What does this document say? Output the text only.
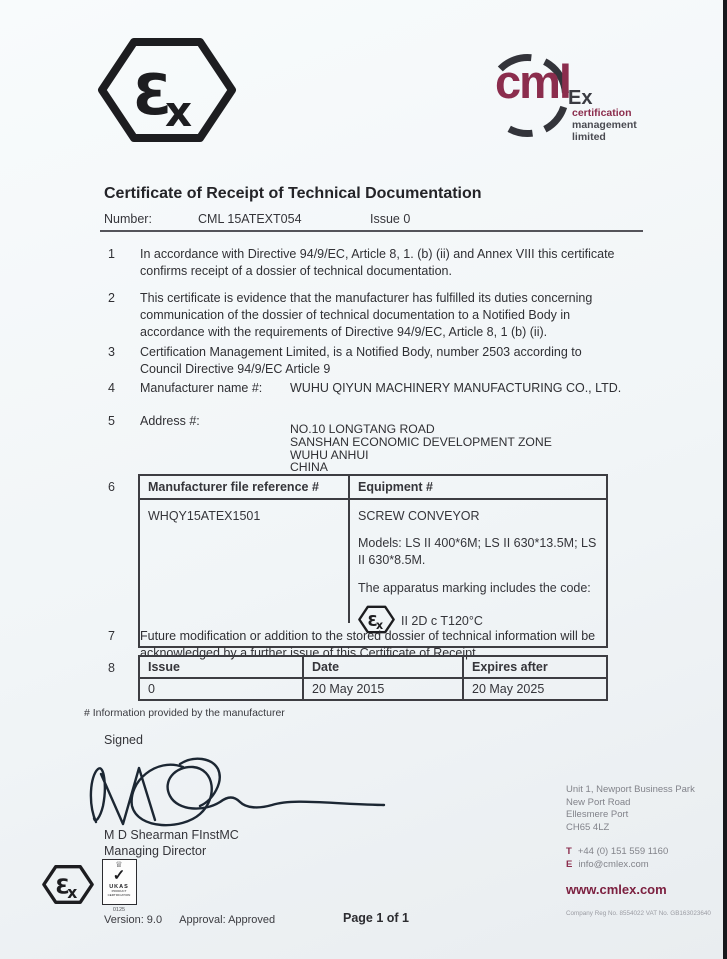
Ɛ
x
cml
Ex
certification
management
limited
Certificate of Receipt of Technical Documentation
Number:	CML 15ATEXT054	Issue 0
1 In accordance with Directive 94/9/EC, Article 8, 1. (b) (ii) and Annex VIII this certificate confirms receipt of a dossier of technical documentation.
2 This certificate is evidence that the manufacturer has fulfilled its duties concerning communication of the dossier of technical documentation to a Notified Body in accordance with the requirements of Directive 94/9/EC, Article 8, 1 (b) (ii).
3 Certification Management Limited, is a Notified Body, number 2503 according to Council Directive 94/9/EC Article 9
4 Manufacturer name #: WUHU QIYUN MACHINERY MANUFACTURING CO., LTD.
5 Address #:
NO.10 LONGTANG ROAD
SANSHAN ECONOMIC DEVELOPMENT ZONE
WUHU ANHUI
CHINA
6	Manufacturer file reference #	Equipment #
WHQY15ATEX1501	SCREW CONVEYOR
Models: LS II 400*6M; LS II 630*13.5M; LS II 630*8.5M.
The apparatus marking includes the code:
Ɛ
x II 2D c T120°C
7 Future modification or addition to the stored dossier of technical information will be acknowledged by a further issue of this Certificate of Receipt
8	Issue	Date	Expires after
0	20 May 2015	20 May 2025
# Information provided by the manufacturer
Signed
M D Shearman FInstMC
Managing Director
Ɛ
x
♕
✓
UKAS
PRODUCT
CERTIFICATION
0125
Version: 9.0 Approval: Approved	Page 1 of 1
Unit 1, Newport Business Park
New Port Road
Ellesmere Port
CH65 4LZ
T +44 (0) 151 559 1160
E info@cmlex.com
www.cmlex.com
Company Reg No. 8554022 VAT No. GB163023640
